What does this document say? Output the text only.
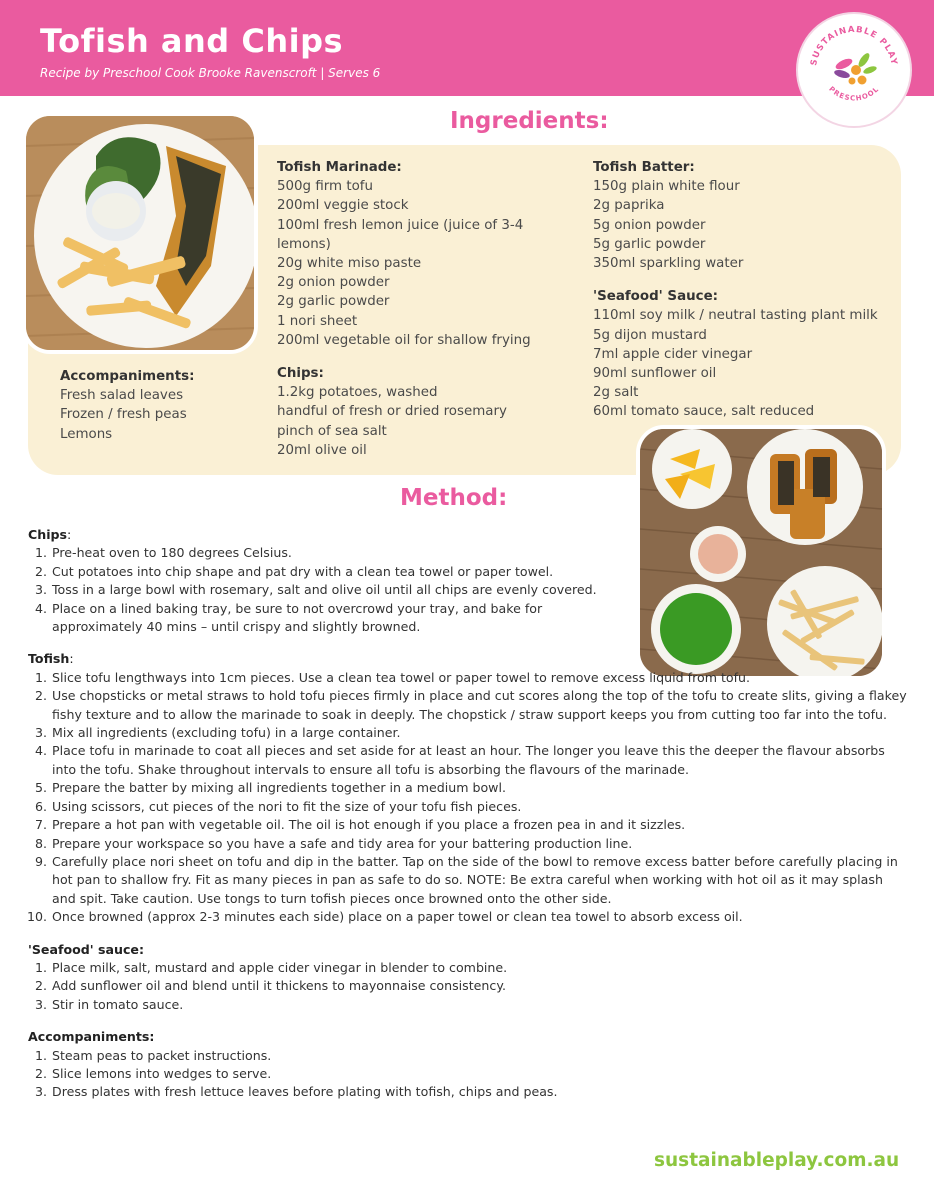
Tofish and Chips
Recipe by Preschool Cook Brooke Ravenscroft | Serves 6
SUSTAINABLE PLAY
PRESCHOOL
Ingredients:
Tofish Marinade:
500g firm tofu
200ml veggie stock
100ml fresh lemon juice (juice of 3-4
lemons)
20g white miso paste
2g onion powder
2g garlic powder
1 nori sheet
200ml vegetable oil for shallow frying
Chips:
1.2kg potatoes, washed
handful of fresh or dried rosemary
pinch of sea salt
20ml olive oil
Tofish Batter:
150g plain white flour
2g paprika
5g onion powder
5g garlic powder
350ml sparkling water
'Seafood' Sauce:
110ml soy milk / neutral tasting plant milk
5g dijon mustard
7ml apple cider vinegar
90ml sunflower oil
2g salt
60ml tomato sauce, salt reduced
Accompaniments:
Fresh salad leaves
Frozen / fresh peas
Lemons
Method:
Chips:
1. Pre-heat oven to 180 degrees Celsius.
2. Cut potatoes into chip shape and pat dry with a clean tea towel or paper towel.
3. Toss in a large bowl with rosemary, salt and olive oil until all chips are evenly covered.
4. Place on a lined baking tray, be sure to not overcrowd your tray, and bake for approximately 40 mins – until crispy and slightly browned.
Tofish:
1. Slice tofu lengthways into 1cm pieces. Use a clean tea towel or paper towel to remove excess liquid from tofu.
2. Use chopsticks or metal straws to hold tofu pieces firmly in place and cut scores along the top of the tofu to create slits, giving a flakey fishy texture and to allow the marinade to soak in deeply. The chopstick / straw support keeps you from cutting too far into the tofu.
3. Mix all ingredients (excluding tofu) in a large container.
4. Place tofu in marinade to coat all pieces and set aside for at least an hour. The longer you leave this the deeper the flavour absorbs into the tofu. Shake throughout intervals to ensure all tofu is absorbing the flavours of the marinade.
5. Prepare the batter by mixing all ingredients together in a medium bowl.
6. Using scissors, cut pieces of the nori to fit the size of your tofu fish pieces.
7. Prepare a hot pan with vegetable oil. The oil is hot enough if you place a frozen pea in and it sizzles.
8. Prepare your workspace so you have a safe and tidy area for your battering production line.
9. Carefully place nori sheet on tofu and dip in the batter. Tap on the side of the bowl to remove excess batter before carefully placing in hot pan to shallow fry. Fit as many pieces in pan as safe to do so. NOTE: Be extra careful when working with hot oil as it may splash and spit. Take caution. Use tongs to turn tofish pieces once browned onto the other side.
10. Once browned (approx 2-3 minutes each side) place on a paper towel or clean tea towel to absorb excess oil.
'Seafood' sauce:
1. Place milk, salt, mustard and apple cider vinegar in blender to combine.
2. Add sunflower oil and blend until it thickens to mayonnaise consistency.
3. Stir in tomato sauce.
Accompaniments:
1. Steam peas to packet instructions.
2. Slice lemons into wedges to serve.
3. Dress plates with fresh lettuce leaves before plating with tofish, chips and peas.
sustainableplay.com.au
